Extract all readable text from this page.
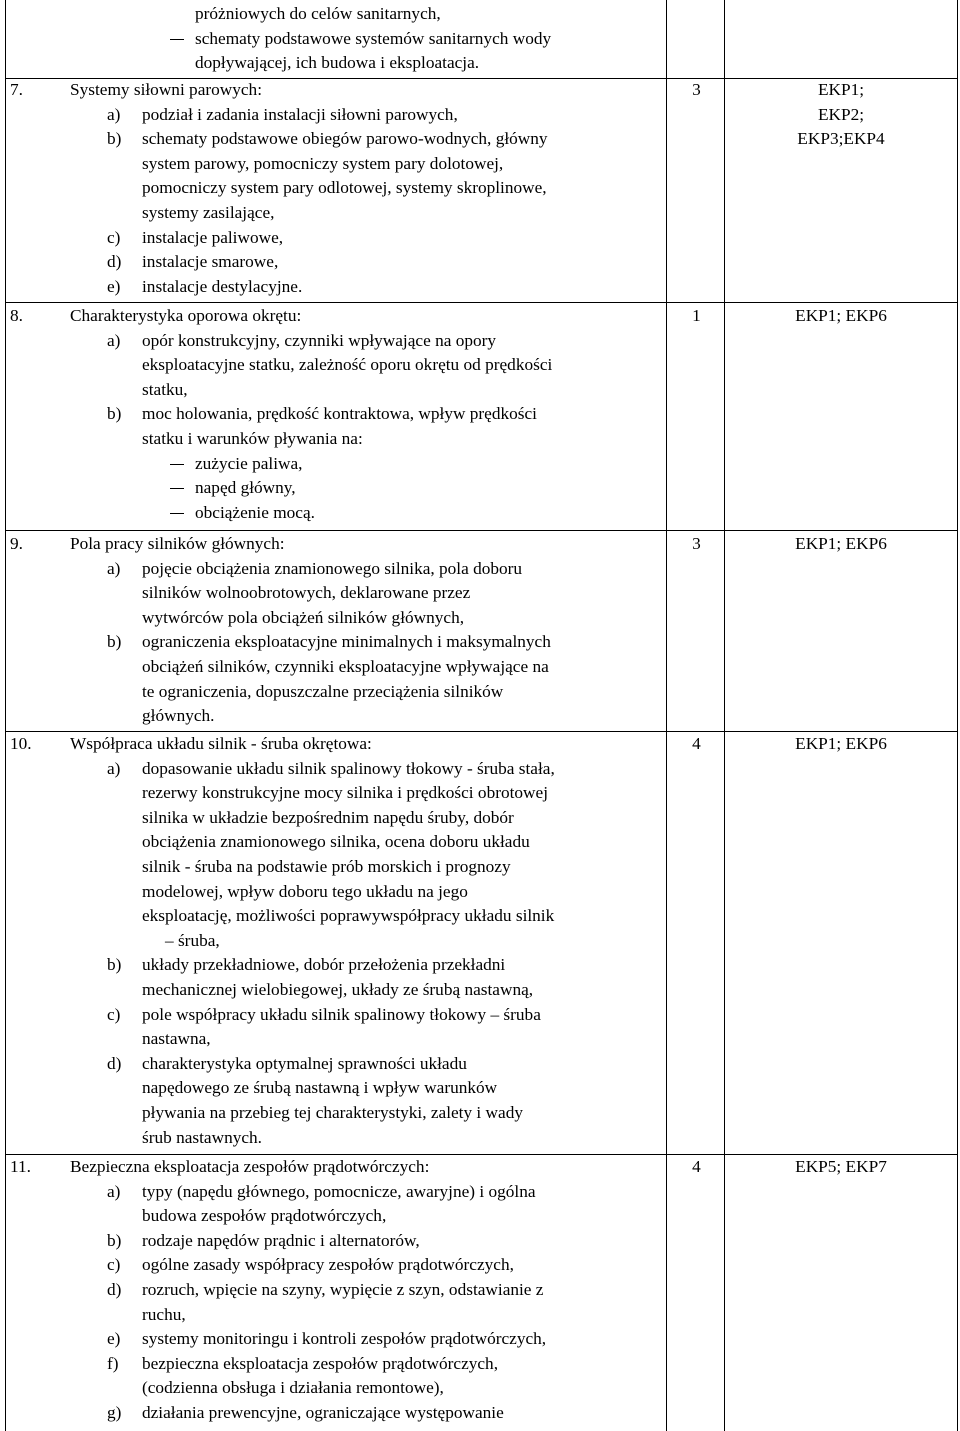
próżniowych do celów sanitarnych,
schematy podstawowe systemów sanitarnych wody
dopływającej, ich budowa i eksploatacja.
7.	Systemy siłowni parowych:
a) podział i zadania instalacji siłowni parowych,
b) schematy podstawowe obiegów parowo-wodnych, główny
system parowy, pomocniczy system pary dolotowej,
pomocniczy system pary odlotowej, systemy skroplinowe,
systemy zasilające,
c) instalacje paliwowe,
d) instalacje smarowe,
e) instalacje destylacyjne.
3	EKP1;
EKP2;
EKP3;EKP4
8.	Charakterystyka oporowa okrętu:
a) opór konstrukcyjny, czynniki wpływające na opory
eksploatacyjne statku, zależność oporu okrętu od prędkości
statku,
b) moc holowania, prędkość kontraktowa, wpływ prędkości
statku i warunków pływania na:
zużycie paliwa,
napęd główny,
obciążenie mocą.
1	EKP1; EKP6
9.	Pola pracy silników głównych:
a) pojęcie obciążenia znamionowego silnika, pola doboru
silników wolnoobrotowych, deklarowane przez
wytwórców pola obciążeń silników głównych,
b) ograniczenia eksploatacyjne minimalnych i maksymalnych
obciążeń silników, czynniki eksploatacyjne wpływające na
te ograniczenia, dopuszczalne przeciążenia silników
głównych.
3	EKP1; EKP6
10. Współpraca układu silnik - śruba okrętowa:
a) dopasowanie układu silnik spalinowy tłokowy - śruba stała,
rezerwy konstrukcyjne mocy silnika i prędkości obrotowej
silnika w układzie bezpośrednim napędu śruby, dobór
obciążenia znamionowego silnika, ocena doboru układu
silnik - śruba na podstawie prób morskich i prognozy
modelowej, wpływ doboru tego układu na jego
eksploatację, możliwości poprawywspółpracy układu silnik
– śruba,
b) układy przekładniowe, dobór przełożenia przekładni
mechanicznej wielobiegowej, układy ze śrubą nastawną,
c) pole współpracy układu silnik spalinowy tłokowy – śruba
nastawna,
d) charakterystyka optymalnej sprawności układu
napędowego ze śrubą nastawną i wpływ warunków
pływania na przebieg tej charakterystyki, zalety i wady
śrub nastawnych.
4	EKP1; EKP6
11. Bezpieczna eksploatacja zespołów prądotwórczych:
a) typy (napędu głównego, pomocnicze, awaryjne) i ogólna
budowa zespołów prądotwórczych,
b) rodzaje napędów prądnic i alternatorów,
c) ogólne zasady współpracy zespołów prądotwórczych,
d) rozruch, wpięcie na szyny, wypięcie z szyn, odstawianie z
ruchu,
e) systemy monitoringu i kontroli zespołów prądotwórczych,
f) bezpieczna eksploatacja zespołów prądotwórczych,
(codzienna obsługa i działania remontowe),
g) działania prewencyjne, ograniczające występowanie
4	EKP5; EKP7
